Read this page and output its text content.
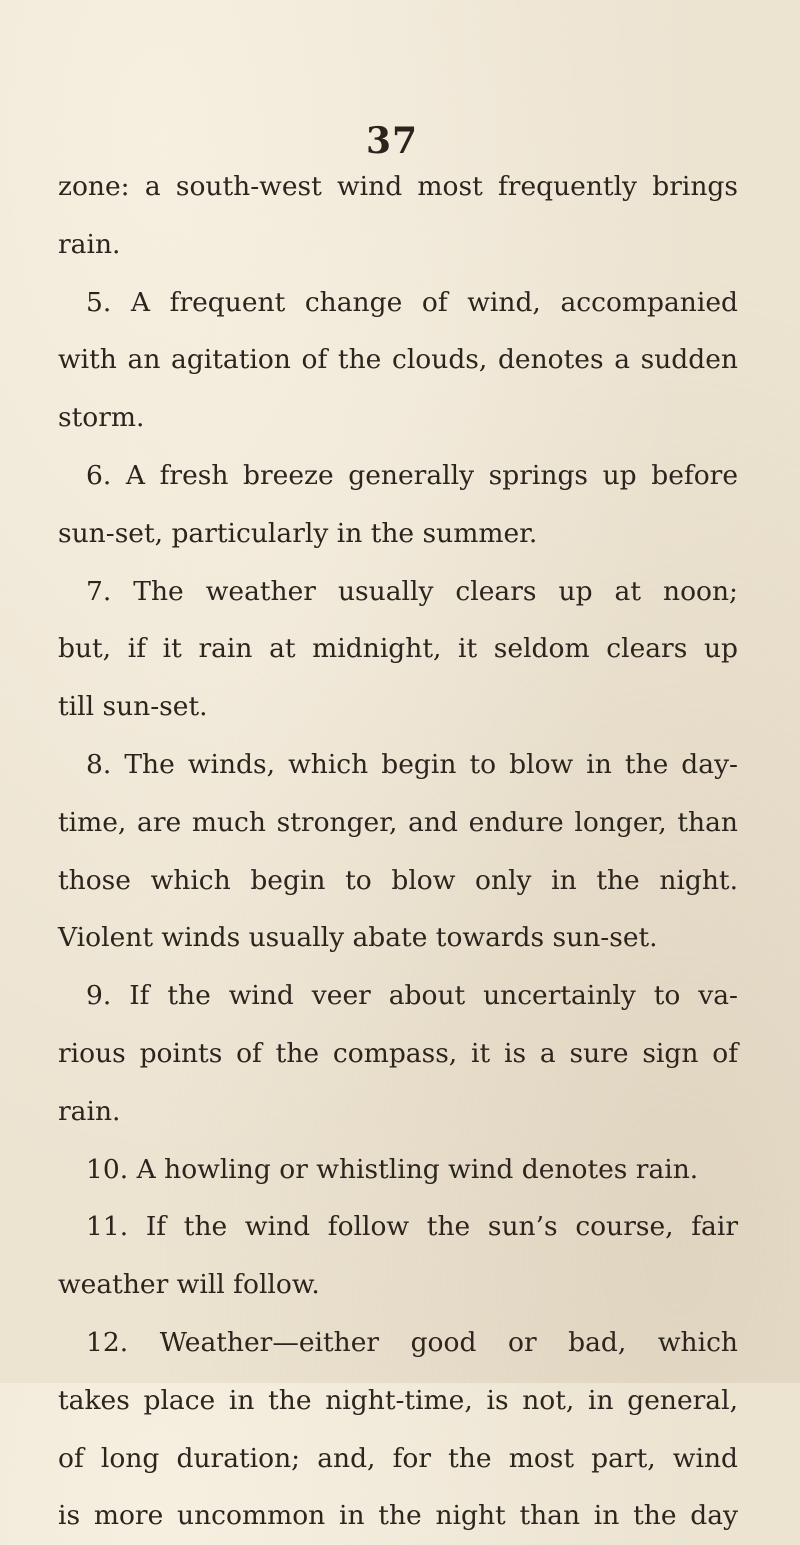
37
zone: a south-west wind most frequently brings
rain.
5. A frequent change of wind, accompanied
with an agitation of the clouds, denotes a sudden
storm.
6. A fresh breeze generally springs up before
sun-set, particularly in the summer.
7. The weather usually clears up at noon;
but, if it rain at midnight, it seldom clears up
till sun-set.
8. The winds, which begin to blow in the day-
time, are much stronger, and endure longer, than
those which begin to blow only in the night.
Violent winds usually abate towards sun-set.
9. If the wind veer about uncertainly to va-
rious points of the compass, it is a sure sign of
rain.
10. A howling or whistling wind denotes rain.
11. If the wind follow the sun’s course, fair
weather will follow.
12. Weather—either good or bad, which
takes place in the night-time, is not, in general,
of long duration; and, for the most part, wind
is more uncommon in the night than in the day
